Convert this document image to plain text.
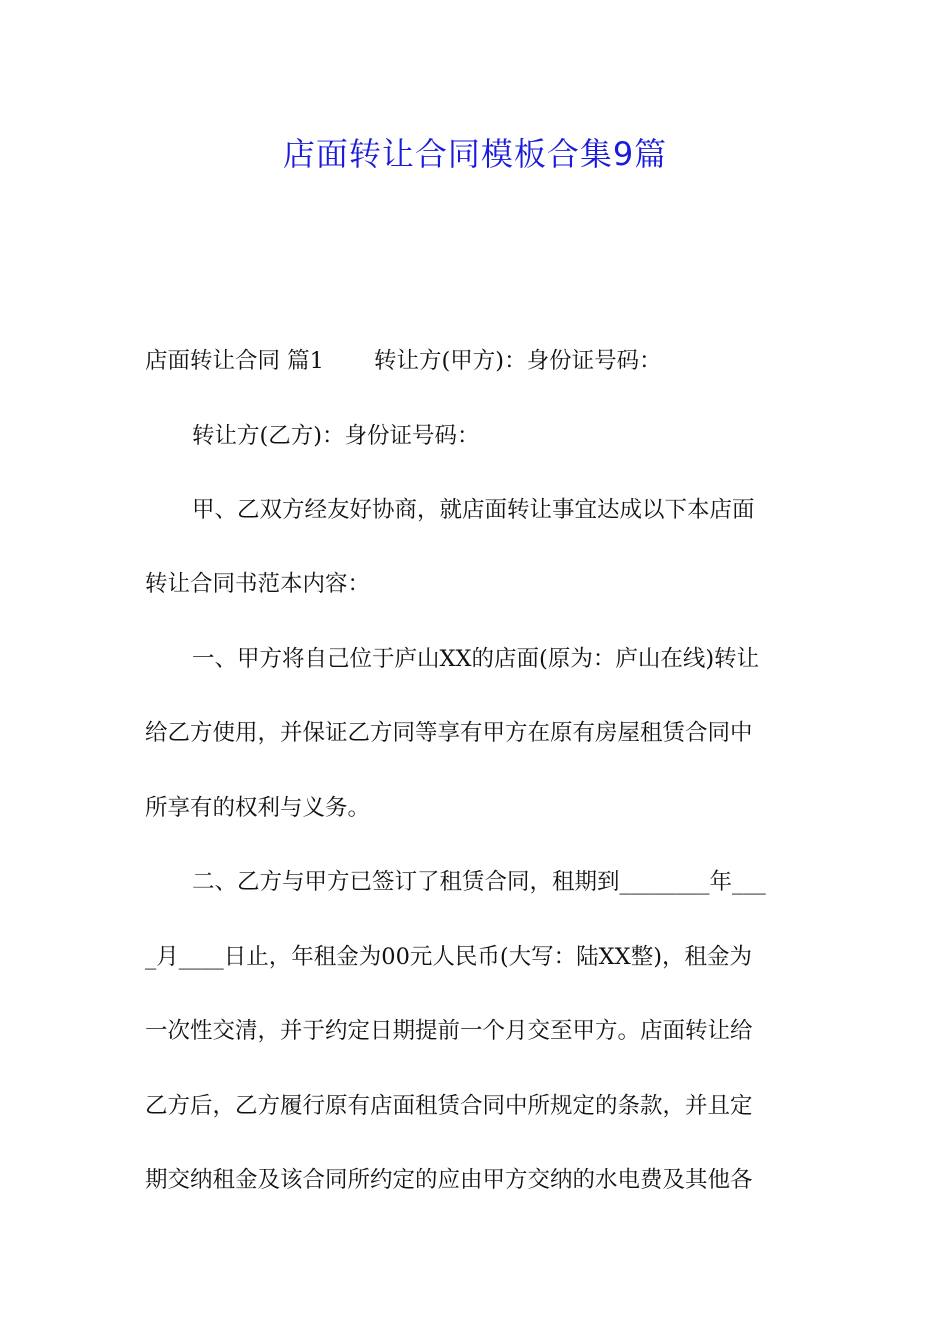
店面转让合同模板合集9篇
店面转让合同 篇1       转让方(甲方)：身份证号码：
转让方(乙方)：身份证号码：
甲、乙双方经友好协商，就店面转让事宜达成以下本店面
转让合同书范本内容：
一、甲方将自己位于庐山XX的店面(原为：庐山在线)转让
给乙方使用，并保证乙方同等享有甲方在原有房屋租赁合同中
所享有的权利与义务。
二、乙方与甲方已签订了租赁合同，租期到________年___
_月____日止，年租金为00元人民币(大写：陆XX整)，租金为
一次性交清，并于约定日期提前一个月交至甲方。店面转让给
乙方后，乙方履行原有店面租赁合同中所规定的条款，并且定
期交纳租金及该合同所约定的应由甲方交纳的水电费及其他各
